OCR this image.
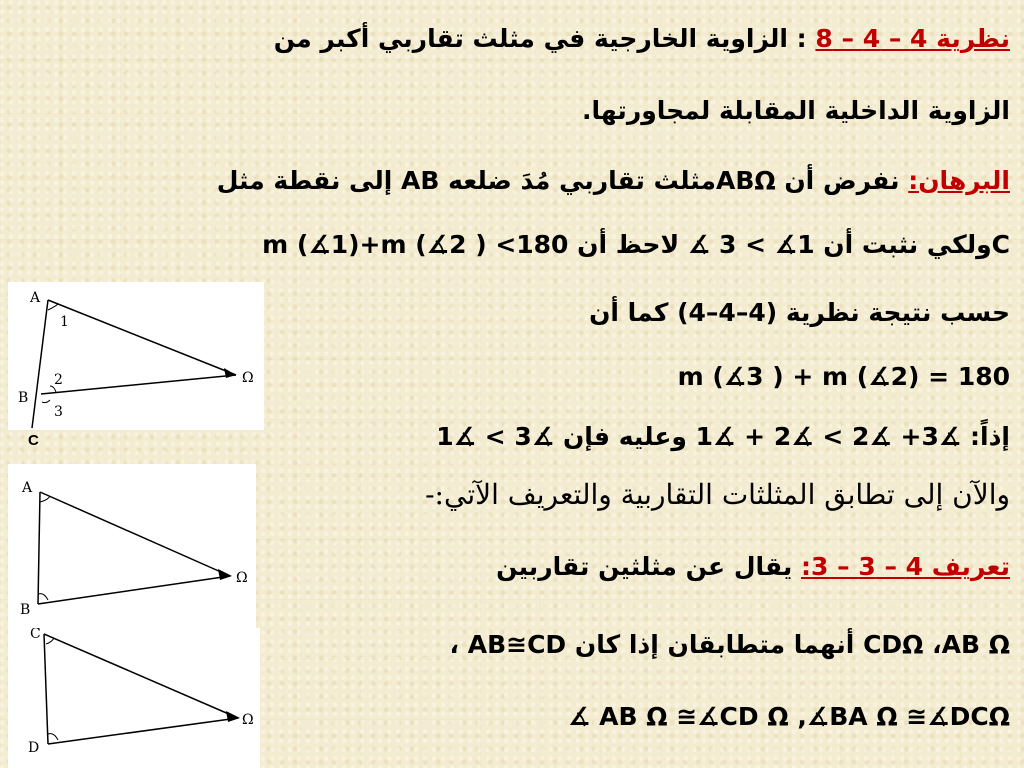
نظرية 4 – 4 – 8 : الزاوية الخارجية في مثلث تقاربي أكبر من
الزاوية الداخلية المقابلة لمجاورتها.
البرهان: نفرض أن ABΩمثلث تقاربي مُدَ ضلعه AB إلى نقطة مثل
Cولكي نثبت أن 1∡ > 3 ∡ لاحظ أن m (∡1)+m (∡2 ) <180
حسب نتيجة نظرية (4–4–4) كما أن
m (∡3 ) + m (∡2) = 180
إذاً: ∡3+ ∡2 > ∡2 + ∡1 وعليه فإن ∡3 > ∡1
والآن إلى تطابق المثلثات التقاربية والتعريف الآتي:-
تعريف 4 – 3 – 3: يقال عن مثلثين تقاربين
CDΩ ،AB Ω أنهما متطابقان إذا كان AB≅CD ،
∡ AB Ω ≅∡CD Ω ,∡BA Ω ≅∡DCΩ
A
B
1
2
3
Ω
C
A
B
Ω
C
D
Ω
